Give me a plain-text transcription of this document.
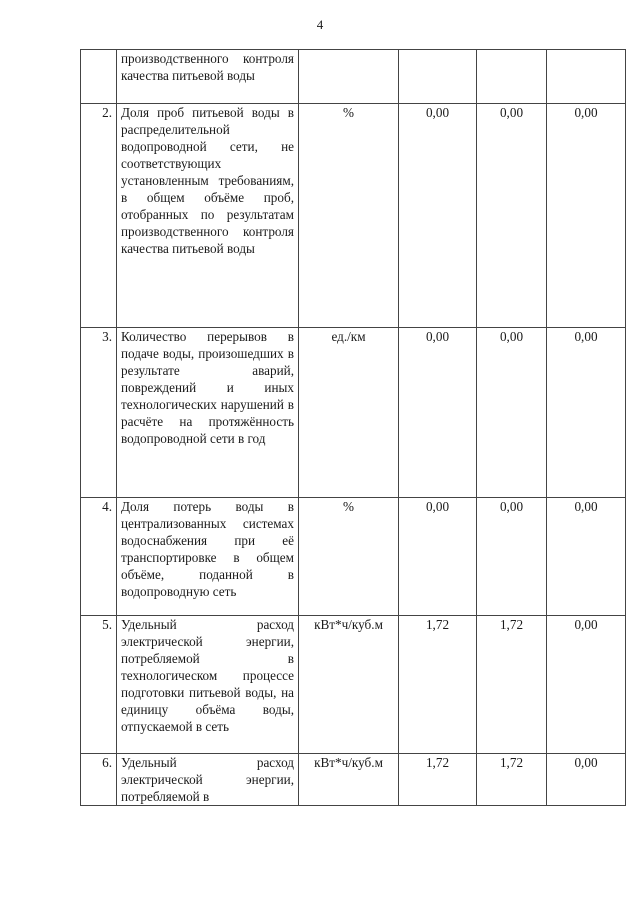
4
	производственного контроля качества питьевой воды				
2.	Доля проб питьевой воды в распределительной водопроводной сети, не соответствующих установленным требованиям, в общем объёме проб, отобранных по результатам производственного контроля качества питьевой воды	%	0,00	0,00	0,00
3.	Количество перерывов в подаче воды, произошедших в результате аварий, повреждений и иных технологических нарушений в расчёте на протяжённость водопроводной сети в год	ед./км	0,00	0,00	0,00
4.	Доля потерь воды в централизованных системах водоснабжения при её транспортировке в общем объёме, поданной в водопроводную сеть	%	0,00	0,00	0,00
5.	Удельный расход электрической энергии, потребляемой в технологическом процессе подготовки питьевой воды, на единицу объёма воды, отпускаемой в сеть	кВт*ч/куб.м	1,72	1,72	0,00
6.	Удельный расход электрической энергии, потребляемой в	кВт*ч/куб.м	1,72	1,72	0,00
